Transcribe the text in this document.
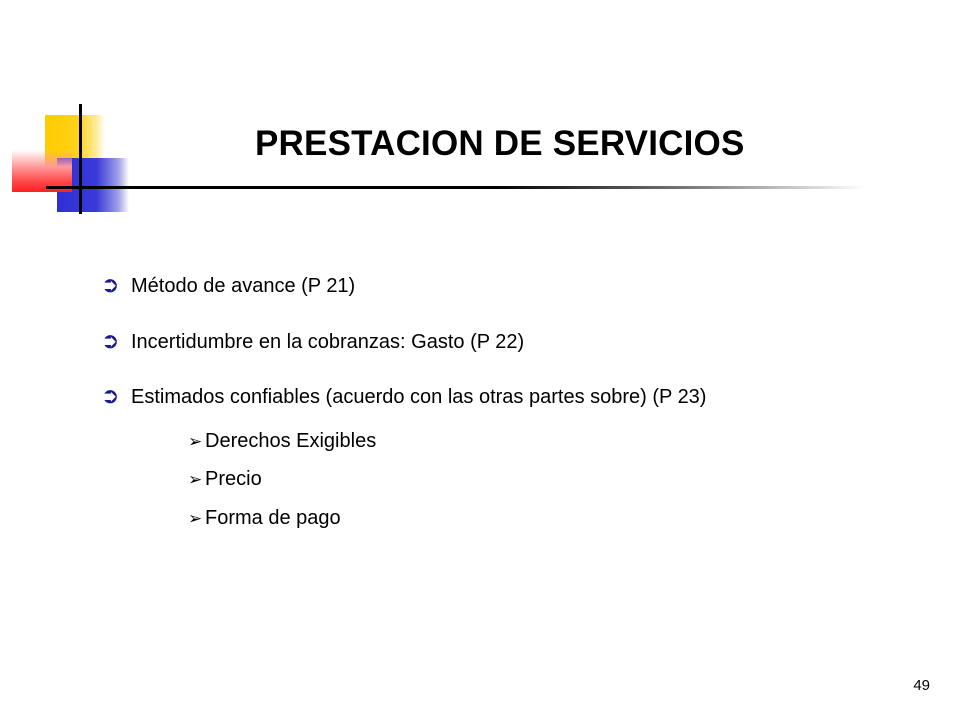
PRESTACION DE SERVICIOS
➲ Método de avance (P 21)
➲ Incertidumbre en la cobranzas: Gasto (P 22)
➲ Estimados confiables (acuerdo con las otras partes sobre) (P 23)
➢ Derechos Exigibles
➢ Precio
➢ Forma de pago
49
